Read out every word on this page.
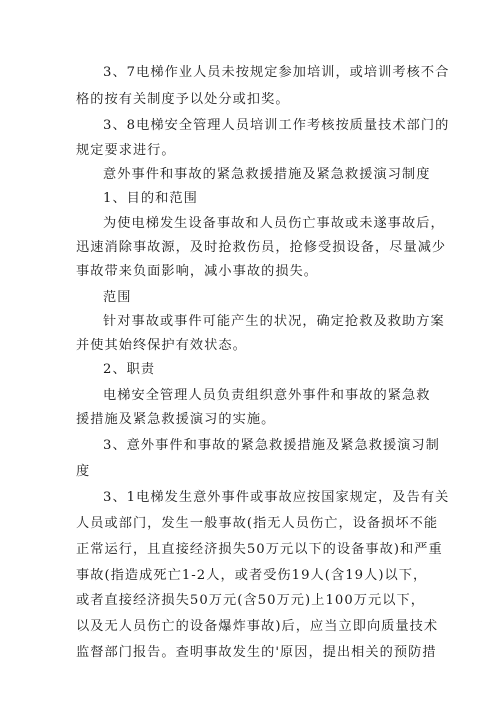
3、7电梯作业人员未按规定参加培训，或培训考核不合
格的按有关制度予以处分或扣奖。
3、8电梯安全管理人员培训工作考核按质量技术部门的
规定要求进行。
意外事件和事故的紧急救援措施及紧急救援演习制度
1、目的和范围
为使电梯发生设备事故和人员伤亡事故或未遂事故后，
迅速消除事故源，及时抢救伤员，抢修受损设备，尽量减少
事故带来负面影响，减小事故的损失。
范围
针对事故或事件可能产生的状况，确定抢救及救助方案
并使其始终保护有效状态。
2、职责
电梯安全管理人员负责组织意外事件和事故的紧急救
援措施及紧急救援演习的实施。
3、意外事件和事故的紧急救援措施及紧急救援演习制
度
3、1电梯发生意外事件或事故应按国家规定，及告有关
人员或部门，发生一般事故(指无人员伤亡，设备损坏不能
正常运行，且直接经济损失50万元以下的设备事故)和严重
事故(指造成死亡1-2人，或者受伤19人(含19人)以下，
或者直接经济损失50万元(含50万元)上100万元以下，
以及无人员伤亡的设备爆炸事故)后，应当立即向质量技术
监督部门报告。查明事故发生的'原因，提出相关的预防措
